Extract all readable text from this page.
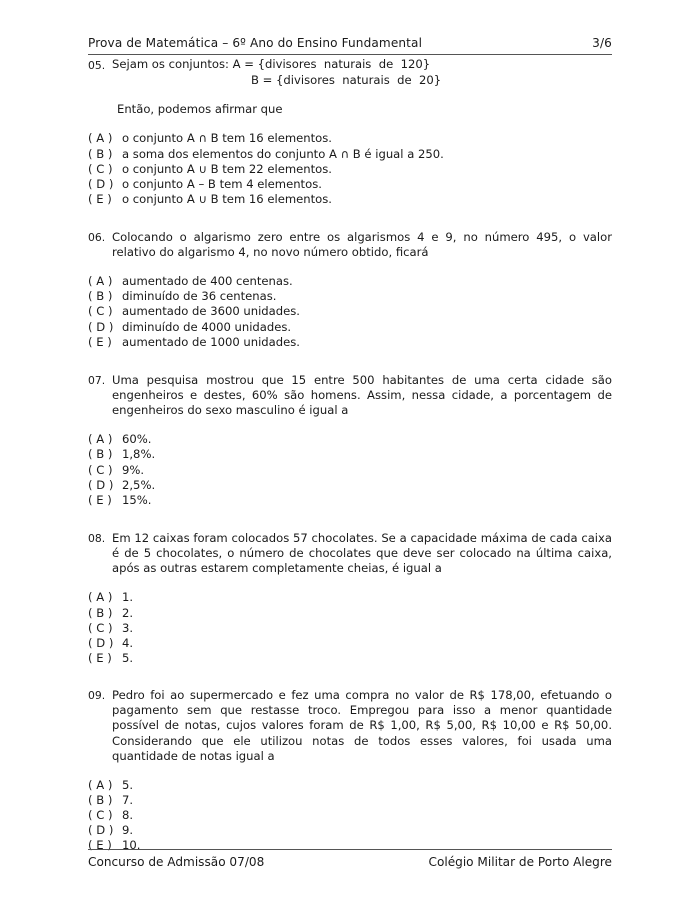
Prova de Matemática – 6º Ano do Ensino Fundamental	3/6
05. Sejam os conjuntos: A = {divisores  naturais  de  120}
B = {divisores  naturais  de  20}
Então, podemos afirmar que
( A ) o conjunto A ∩ B tem 16 elementos.
( B ) a soma dos elementos do conjunto A ∩ B é igual a 250.
( C ) o conjunto A ∪ B tem 22 elementos.
( D ) o conjunto A – B tem 4 elementos.
( E ) o conjunto A ∪ B tem 16 elementos.
06. Colocando o algarismo zero entre os algarismos 4 e 9, no número 495, o valor relativo do algarismo 4, no novo número obtido, ficará
( A ) aumentado de 400 centenas.
( B ) diminuído de 36 centenas.
( C ) aumentado de 3600 unidades.
( D ) diminuído de 4000 unidades.
( E ) aumentado de 1000 unidades.
07. Uma pesquisa mostrou que 15 entre 500 habitantes de uma certa cidade são engenheiros e destes, 60% são homens. Assim, nessa cidade, a porcentagem de engenheiros do sexo masculino é igual a
( A ) 60%.
( B ) 1,8%.
( C ) 9%.
( D ) 2,5%.
( E ) 15%.
08. Em 12 caixas foram colocados 57 chocolates. Se a capacidade máxima de cada caixa é de 5 chocolates, o número de chocolates que deve ser colocado na última caixa, após as outras estarem completamente cheias, é igual a
( A ) 1.
( B ) 2.
( C ) 3.
( D ) 4.
( E ) 5.
09. Pedro foi ao supermercado e fez uma compra no valor de R$ 178,00, efetuando o pagamento sem que restasse troco. Empregou para isso a menor quantidade possível de notas, cujos valores foram de R$ 1,00, R$ 5,00, R$ 10,00 e R$ 50,00. Considerando que ele utilizou notas de todos esses valores, foi usada uma quantidade de notas igual a
( A ) 5.
( B ) 7.
( C ) 8.
( D ) 9.
( E ) 10.
Concurso de Admissão 07/08	Colégio Militar de Porto Alegre
